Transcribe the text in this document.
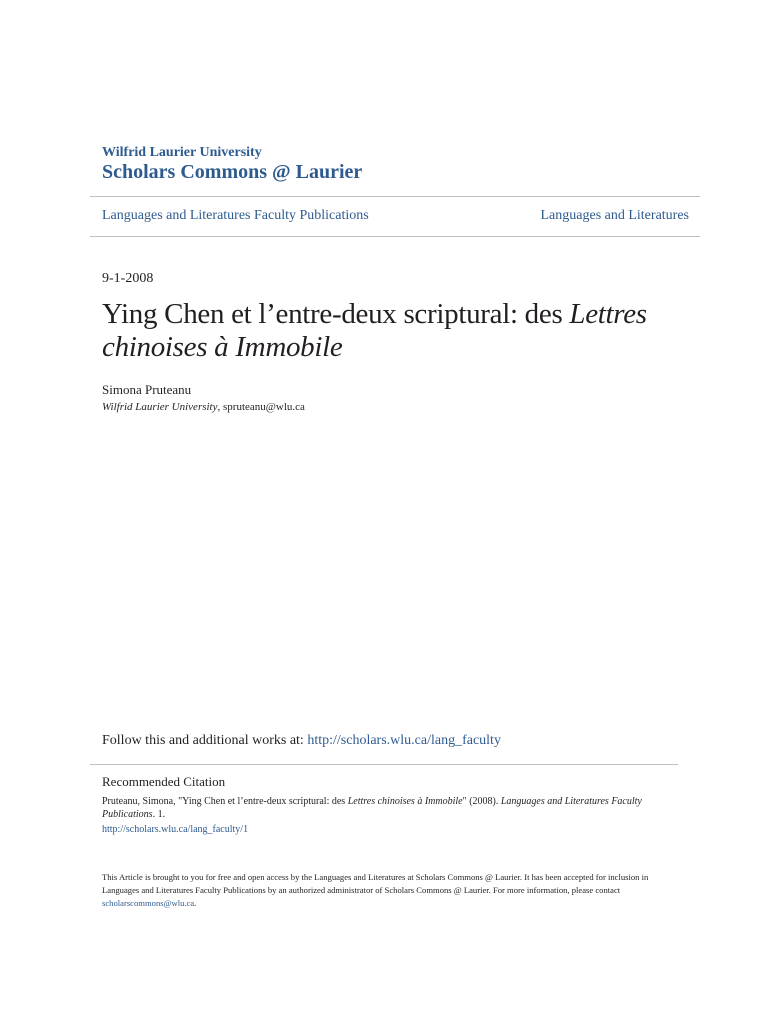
Wilfrid Laurier University
Scholars Commons @ Laurier
Languages and Literatures Faculty Publications	Languages and Literatures
9-1-2008
Ying Chen et l’entre-deux scriptural: des Lettres
chinoises à Immobile
Simona Pruteanu
Wilfrid Laurier University, spruteanu@wlu.ca
Follow this and additional works at: http://scholars.wlu.ca/lang_faculty
Recommended Citation
Pruteanu, Simona, "Ying Chen et l’entre-deux scriptural: des Lettres chinoises à Immobile" (2008). Languages and Literatures Faculty Publications. 1.
http://scholars.wlu.ca/lang_faculty/1
This Article is brought to you for free and open access by the Languages and Literatures at Scholars Commons @ Laurier. It has been accepted for inclusion in Languages and Literatures Faculty Publications by an authorized administrator of Scholars Commons @ Laurier. For more information, please contact scholarscommons@wlu.ca.
